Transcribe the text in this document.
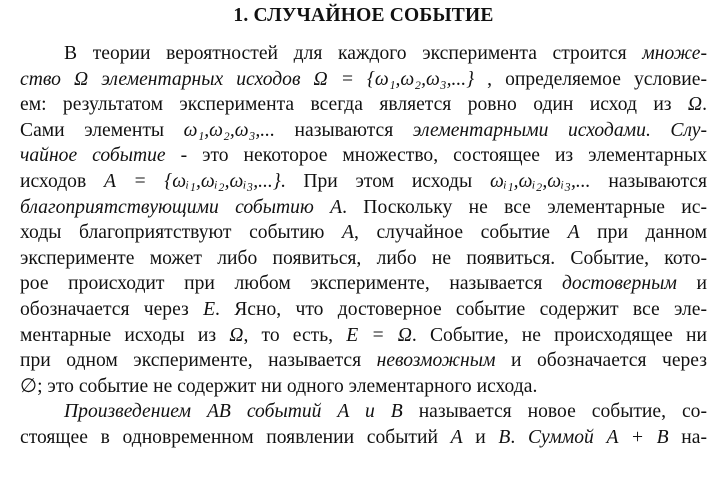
1. СЛУЧАЙНОЕ СОБЫТИЕ
В теории вероятностей для каждого эксперимента строится множе-
ство Ω элементарных исходов Ω = {ω₁,ω₂,ω₃,...} , определяемое условие-
ем: результатом эксперимента всегда является ровно один исход из Ω.
Сами элементы ω₁,ω₂,ω₃,... называются элементарными исходами. Слу-
чайное событие - это некоторое множество, состоящее из элементарных
исходов A = {ωᵢ₁,ωᵢ₂,ωᵢ₃,...}. При этом исходы ωᵢ₁,ωᵢ₂,ωᵢ₃,... называются
благоприятствующими событию A. Поскольку не все элементарные ис-
ходы благоприятствуют событию A, случайное событие A при данном
эксперименте может либо появиться, либо не появиться. Событие, кото-
рое происходит при любом эксперименте, называется достоверным и
обозначается через E. Ясно, что достоверное событие содержит все эле-
ментарные исходы из Ω, то есть, E = Ω. Событие, не происходящее ни
при одном эксперименте, называется невозможным и обозначается через
∅; это событие не содержит ни одного элементарного исхода.
Произведением AB событий A и B называется новое событие, со-
стоящее в одновременном появлении событий A и B. Суммой A + B на-
